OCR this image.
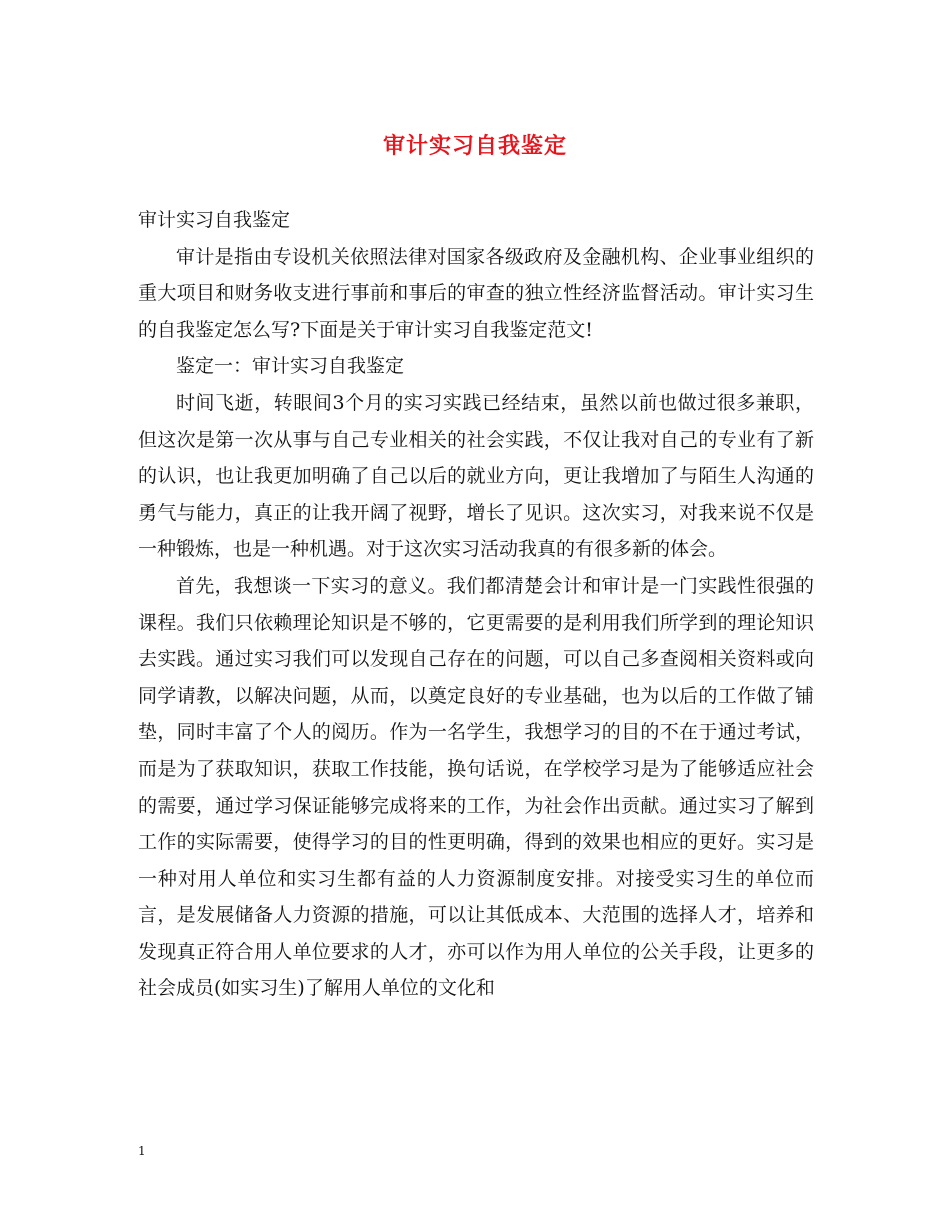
审计实习自我鉴定

审计实习自我鉴定

审计是指由专设机关依照法律对国家各级政府及金融机构、企业事业组织的重大项目和财务收支进行事前和事后的审查的独立性经济监督活动。审计实习生的自我鉴定怎么写?下面是关于审计实习自我鉴定范文!

鉴定一：审计实习自我鉴定

时间飞逝，转眼间3个月的实习实践已经结束，虽然以前也做过很多兼职，但这次是第一次从事与自己专业相关的社会实践，不仅让我对自己的专业有了新的认识，也让我更加明确了自己以后的就业方向，更让我增加了与陌生人沟通的勇气与能力，真正的让我开阔了视野，增长了见识。这次实习，对我来说不仅是一种锻炼，也是一种机遇。对于这次实习活动我真的有很多新的体会。

首先，我想谈一下实习的意义。我们都清楚会计和审计是一门实践性很强的课程。我们只依赖理论知识是不够的，它更需要的是利用我们所学到的理论知识去实践。通过实习我们可以发现自己存在的问题，可以自己多查阅相关资料或向同学请教，以解决问题，从而，以奠定良好的专业基础，也为以后的工作做了铺垫，同时丰富了个人的阅历。作为一名学生，我想学习的目的不在于通过考试，而是为了获取知识，获取工作技能，换句话说，在学校学习是为了能够适应社会的需要，通过学习保证能够完成将来的工作，为社会作出贡献。通过实习了解到工作的实际需要，使得学习的目的性更明确，得到的效果也相应的更好。实习是一种对用人单位和实习生都有益的人力资源制度安排。对接受实习生的单位而言，是发展储备人力资源的措施，可以让其低成本、大范围的选择人才，培养和发现真正符合用人单位要求的人才，亦可以作为用人单位的公关手段，让更多的社会成员(如实习生)了解用人单位的文化和

1
